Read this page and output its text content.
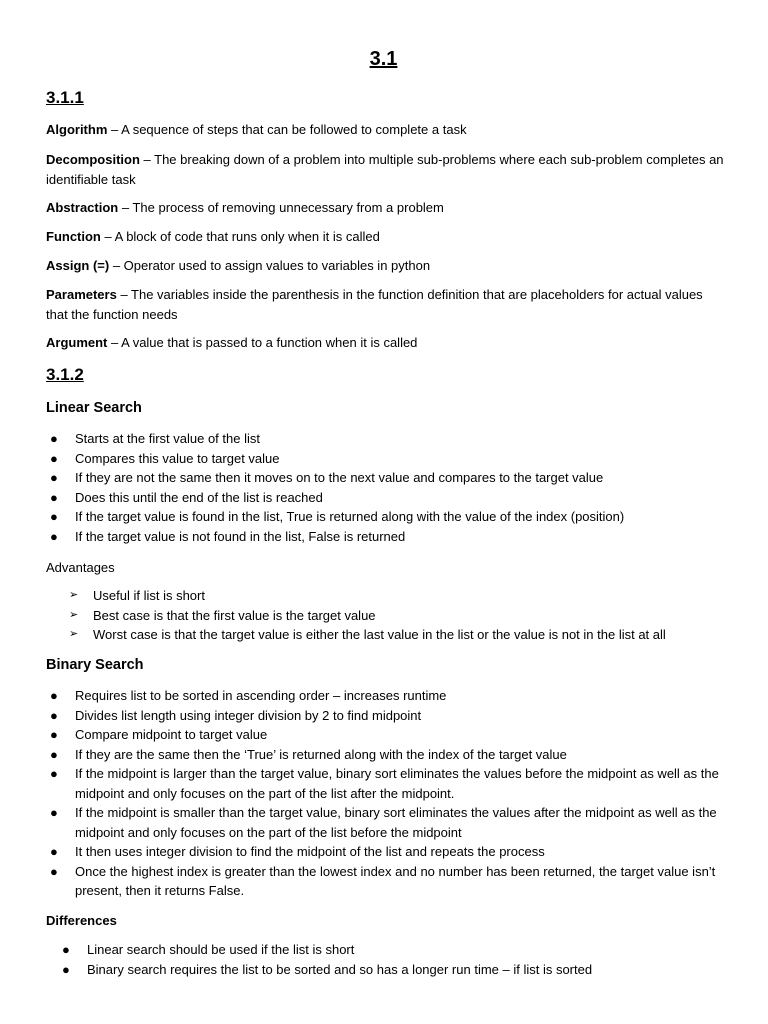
3.1
3.1.1

Algorithm – A sequence of steps that can be followed to complete a task

Decomposition – The breaking down of a problem into multiple sub-problems where each sub-problem completes an identifiable task

Abstraction – The process of removing unnecessary from a problem

Function – A block of code that runs only when it is called

Assign (=) – Operator used to assign values to variables in python

Parameters – The variables inside the parenthesis in the function definition that are placeholders for actual values that the function needs

Argument – A value that is passed to a function when it is called

3.1.2
Linear Search
● Starts at the first value of the list
● Compares this value to target value
● If they are not the same then it moves on to the next value and compares to the target value
● Does this until the end of the list is reached
● If the target value is found in the list, True is returned along with the value of the index (position)
● If the target value is not found in the list, False is returned
Advantages
➢ Useful if list is short
➢ Best case is that the first value is the target value
➢ Worst case is that the target value is either the last value in the list or the value is not in the list at all
Binary Search
● Requires list to be sorted in ascending order – increases runtime
● Divides list length using integer division by 2 to find midpoint
● Compare midpoint to target value
● If they are the same then the ‘True’ is returned along with the index of the target value
● If the midpoint is larger than the target value, binary sort eliminates the values before the midpoint as well as the midpoint and only focuses on the part of the list after the midpoint.
● If the midpoint is smaller than the target value, binary sort eliminates the values after the midpoint as well as the midpoint and only focuses on the part of the list before the midpoint
● It then uses integer division to find the midpoint of the list and repeats the process
● Once the highest index is greater than the lowest index and no number has been returned, the target value isn’t present, then it returns False.
Differences
● Linear search should be used if the list is short
● Binary search requires the list to be sorted and so has a longer run time – if list is sorted
